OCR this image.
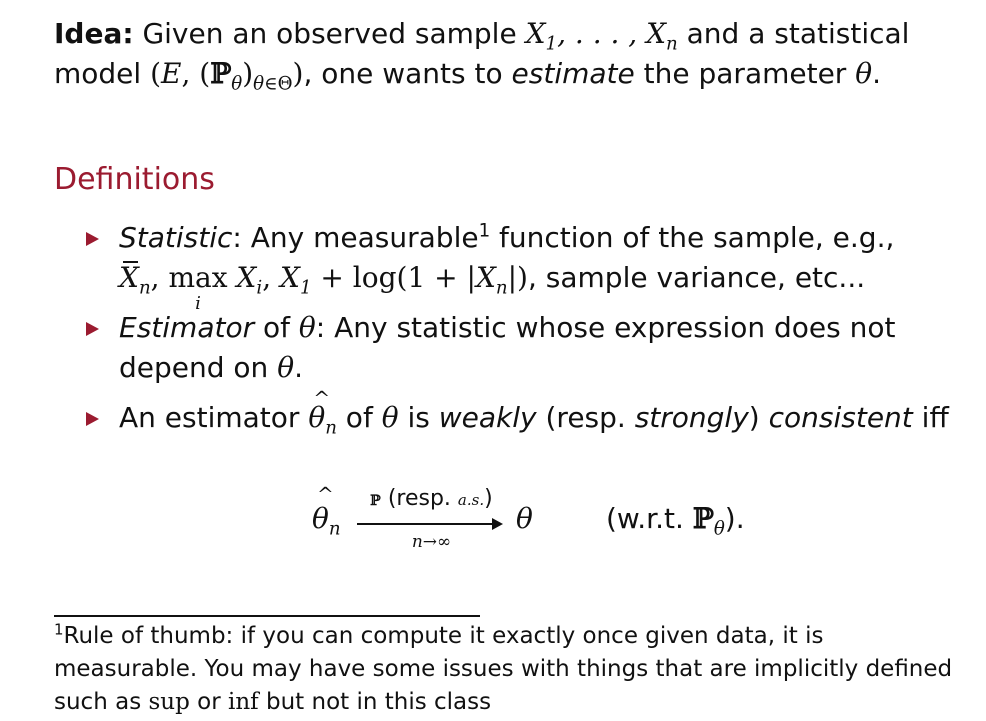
Idea: Given an observed sample $X_1$, . . . , $X_n$ and a statistical model (E, $(ℙ_\theta)_{\theta\in\Theta}$), one wants to estimate the parameter θ.
Definitions
Statistic: Any measurable$^1$ function of the sample, e.g.,
$X_n$, max
i
$X_i$, $X_1 + \log(1 + |X_n|)$, sample variance, etc...
Estimator of θ: Any statistic whose expression does not
depend on θ.
An estimator ^ $\theta_n$ of θ is weakly (resp. strongly) consistent iff
^ $\theta_n$
ℙ (resp. a.s.)
n→∞
θ	(w.r.t. ℙ$_\theta$).
$^1$Rule of thumb: if you can compute it exactly once given data, it is measurable. You may have some issues with things that are implicitly defined such as sup or inf but not in this class
